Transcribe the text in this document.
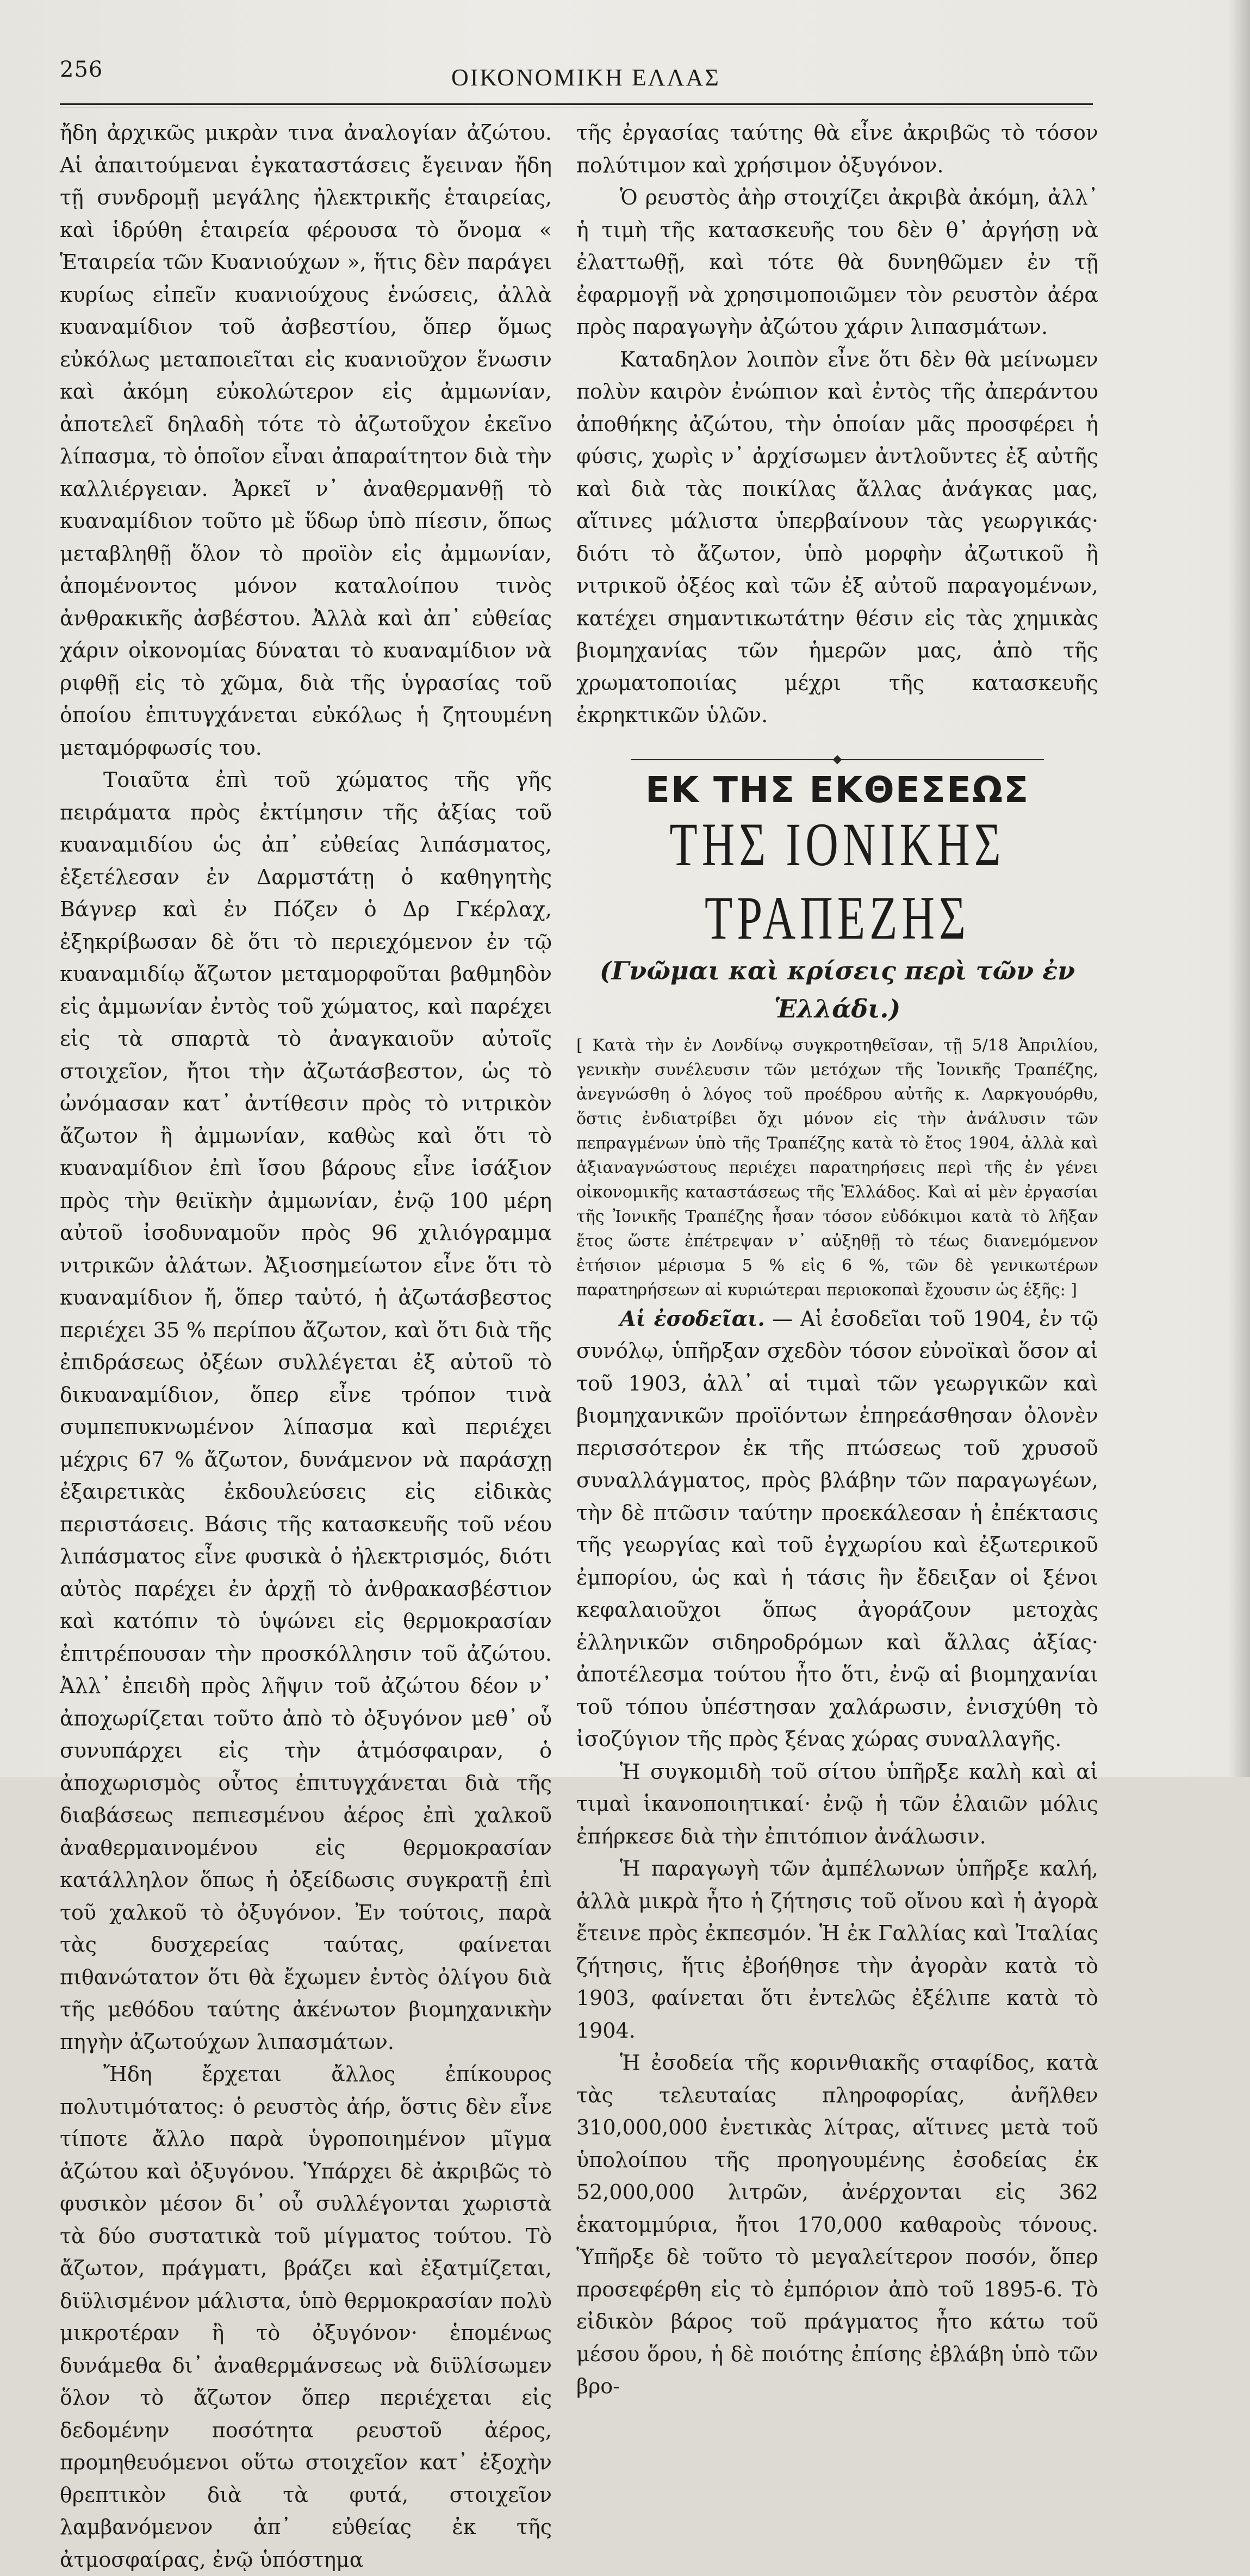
256	ΟΙΚΟΝΟΜΙΚΗ ΕΛΛΑΣ

ἤδη ἀρχικῶς μικρὰν τινα ἀναλογίαν ἀζώτου. Αἱ ἀπαιτούμεναι ἐγκαταστάσεις ἔγειναν ἤδη τῇ συνδρομῇ μεγάλης ἠλεκτρικῆς ἑταιρείας, καὶ ἱδρύθη ἑταιρεία φέρουσα τὸ ὄνομα « Ἑταιρεία τῶν Κυανιούχων », ἥτις δὲν παράγει κυρίως εἰπεῖν κυανιούχους ἑνώσεις, ἀλλὰ κυαναμίδιον τοῦ ἀσβεστίου, ὅπερ ὅμως εὐκόλως μεταποιεῖται εἰς κυανιοῦχον ἕνωσιν καὶ ἀκόμη εὐκολώτερον εἰς ἀμμωνίαν, ἀποτελεῖ δηλαδὴ τότε τὸ ἀζωτοῦχον ἐκεῖνο λίπασμα, τὸ ὁποῖον εἶναι ἀπαραίτητον διὰ τὴν καλλιέργειαν. Ἀρκεῖ ν᾽ ἀναθερμανθῇ τὸ κυαναμίδιον τοῦτο μὲ ὕδωρ ὑπὸ πίεσιν, ὅπως μεταβληθῇ ὅλον τὸ προϊὸν εἰς ἀμμωνίαν, ἀπομένοντος μόνον καταλοίπου τινὸς ἀνθρακικῆς ἀσβέστου. Ἀλλὰ καὶ ἀπ᾽ εὐθείας χάριν οἰκονομίας δύναται τὸ κυαναμίδιον νὰ ριφθῇ εἰς τὸ χῶμα, διὰ τῆς ὑγρασίας τοῦ ὁποίου ἐπιτυγχάνεται εὐκόλως ἡ ζητουμένη μεταμόρφωσίς του.

Τοιαῦτα ἐπὶ τοῦ χώματος τῆς γῆς πειράματα πρὸς ἐκτίμησιν τῆς ἀξίας τοῦ κυαναμιδίου ὡς ἀπ᾽ εὐθείας λιπάσματος, ἐξετέλεσαν ἐν Δαρμστάτῃ ὁ καθηγητὴς Βάγνερ καὶ ἐν Πόζεν ὁ Δρ Γκέρλαχ, ἐξηκρίβωσαν δὲ ὅτι τὸ περιεχόμενον ἐν τῷ κυαναμιδίῳ ἄζωτον μεταμορφοῦται βαθμηδὸν εἰς ἀμμωνίαν ἐντὸς τοῦ χώματος, καὶ παρέχει εἰς τὰ σπαρτὰ τὸ ἀναγκαιοῦν αὐτοῖς στοιχεῖον, ἤτοι τὴν ἀζωτάσβεστον, ὡς τὸ ὠνόμασαν κατ᾽ ἀντίθεσιν πρὸς τὸ νιτρικὸν ἄζωτον ἢ ἀμμωνίαν, καθὼς καὶ ὅτι τὸ κυαναμίδιον ἐπὶ ἴσου βάρους εἶνε ἰσάξιον πρὸς τὴν θειϊκὴν ἀμμωνίαν, ἐνῷ 100 μέρη αὐτοῦ ἰσοδυναμοῦν πρὸς 96 χιλιόγραμμα νιτρικῶν ἀλάτων. Ἀξιοσημείωτον εἶνε ὅτι τὸ κυαναμίδιον ἤ, ὅπερ ταὐτό, ἡ ἀζωτάσβεστος περιέχει 35 % περίπου ἄζωτον, καὶ ὅτι διὰ τῆς ἐπιδράσεως ὀξέων συλλέγεται ἐξ αὐτοῦ τὸ δικυαναμίδιον, ὅπερ εἶνε τρόπον τινὰ συμπεπυκνωμένον λίπασμα καὶ περιέχει μέχρις 67 % ἄζωτον, δυνάμενον νὰ παράσχῃ ἐξαιρετικὰς ἐκδουλεύσεις εἰς εἰδικὰς περιστάσεις. Βάσις τῆς κατασκευῆς τοῦ νέου λιπάσματος εἶνε φυσικὰ ὁ ἠλεκτρισμός, διότι αὐτὸς παρέχει ἐν ἀρχῇ τὸ ἀνθρακασβέστιον καὶ κατόπιν τὸ ὑψώνει εἰς θερμοκρασίαν ἐπιτρέπουσαν τὴν προσκόλλησιν τοῦ ἀζώτου. Ἀλλ᾽ ἐπειδὴ πρὸς λῆψιν τοῦ ἀζώτου δέον ν᾽ ἀποχωρίζεται τοῦτο ἀπὸ τὸ ὀξυγόνον μεθ᾽ οὗ συνυπάρχει εἰς τὴν ἀτμόσφαιραν, ὁ ἀποχωρισμὸς οὗτος ἐπιτυγχάνεται διὰ τῆς διαβάσεως πεπιεσμένου ἀέρος ἐπὶ χαλκοῦ ἀναθερμαινομένου εἰς θερμοκρασίαν κατάλληλον ὅπως ἡ ὀξείδωσις συγκρατῇ ἐπὶ τοῦ χαλκοῦ τὸ ὀξυγόνον. Ἐν τούτοις, παρὰ τὰς δυσχερείας ταύτας, φαίνεται πιθανώτατον ὅτι θὰ ἔχωμεν ἐντὸς ὀλίγου διὰ τῆς μεθόδου ταύτης ἀκένωτον βιομηχανικὴν πηγὴν ἀζωτούχων λιπασμάτων.

Ἤδη ἔρχεται ἄλλος ἐπίκουρος πολυτιμότατος: ὁ ρευστὸς ἀήρ, ὅστις δὲν εἶνε τίποτε ἄλλο παρὰ ὑγροποιημένον μῖγμα ἀζώτου καὶ ὀξυγόνου. Ὑπάρχει δὲ ἀκριβῶς τὸ φυσικὸν μέσον δι᾽ οὗ συλλέγονται χωριστὰ τὰ δύο συστατικὰ τοῦ μίγματος τούτου. Τὸ ἄζωτον, πράγματι, βράζει καὶ ἐξατμίζεται, διϋλισμένον μάλιστα, ὑπὸ θερμοκρασίαν πολὺ μικροτέραν ἢ τὸ ὀξυγόνον· ἑπομένως δυνάμεθα δι᾽ ἀναθερμάνσεως νὰ διϋλίσωμεν ὅλον τὸ ἄζωτον ὅπερ περιέχεται εἰς δεδομένην ποσότητα ρευστοῦ ἀέρος, προμηθευόμενοι οὕτω στοιχεῖον κατ᾽ ἐξοχὴν θρεπτικὸν διὰ τὰ φυτά, στοιχεῖον λαμβανόμενον ἀπ᾽ εὐθείας ἐκ τῆς ἀτμοσφαίρας, ἐνῷ ὑπόστημα

τῆς ἐργασίας ταύτης θὰ εἶνε ἀκριβῶς τὸ τόσον πολύτιμον καὶ χρήσιμον ὀξυγόνον.

Ὁ ρευστὸς ἀὴρ στοιχίζει ἀκριβὰ ἀκόμη, ἀλλ᾽ ἡ τιμὴ τῆς κατασκευῆς του δὲν θ᾽ ἀργήσῃ νὰ ἐλαττωθῇ, καὶ τότε θὰ δυνηθῶμεν ἐν τῇ ἐφαρμογῇ νὰ χρησιμοποιῶμεν τὸν ρευστὸν ἀέρα πρὸς παραγωγὴν ἀζώτου χάριν λιπασμάτων.

Καταδηλον λοιπὸν εἶνε ὅτι δὲν θὰ μείνωμεν πολὺν καιρὸν ἐνώπιον καὶ ἐντὸς τῆς ἀπεράντου ἀποθήκης ἀζώτου, τὴν ὁποίαν μᾶς προσφέρει ἡ φύσις, χωρὶς ν᾽ ἀρχίσωμεν ἀντλοῦντες ἐξ αὐτῆς καὶ διὰ τὰς ποικίλας ἄλλας ἀνάγκας μας, αἵτινες μάλιστα ὑπερβαίνουν τὰς γεωργικάς· διότι τὸ ἄζωτον, ὑπὸ μορφὴν ἀζωτικοῦ ἢ νιτρικοῦ ὀξέος καὶ τῶν ἐξ αὐτοῦ παραγομένων, κατέχει σημαντικωτάτην θέσιν εἰς τὰς χημικὰς βιομηχανίας τῶν ἡμερῶν μας, ἀπὸ τῆς χρωματοποιίας μέχρι τῆς κατασκευῆς ἐκρηκτικῶν ὑλῶν.

ΕΚ ΤΗΣ ΕΚΘΕΣΕΩΣ
ΤΗΣ ΙΟΝΙΚΗΣ ΤΡΑΠΕΖΗΣ
(Γνῶμαι καὶ κρίσεις περὶ τῶν ἐν Ἑλλάδι.)

[ Κατὰ τὴν ἐν Λονδίνῳ συγκροτηθεῖσαν, τῇ 5/18 Ἀπριλίου, γενικὴν συνέλευσιν τῶν μετόχων τῆς Ἰονικῆς Τραπέζης, ἀνεγνώσθη ὁ λόγος τοῦ προέδρου αὐτῆς κ. Λαρκγουόρθυ, ὅστις ἐνδιατρίβει ὄχι μόνον εἰς τὴν ἀνάλυσιν τῶν πεπραγμένων ὑπὸ τῆς Τραπέζης κατὰ τὸ ἔτος 1904, ἀλλὰ καὶ ἀξιαναγνώστους περιέχει παρατηρήσεις περὶ τῆς ἐν γένει οἰκονομικῆς καταστάσεως τῆς Ἑλλάδος. Καὶ αἱ μὲν ἐργασίαι τῆς Ἰονικῆς Τραπέζης ἦσαν τόσον εὐδόκιμοι κατὰ τὸ λῆξαν ἔτος ὥστε ἐπέτρεψαν ν᾽ αὐξηθῇ τὸ τέως διανεμόμενον ἐτήσιον μέρισμα 5 % εἰς 6 %, τῶν δὲ γενικωτέρων παρατηρήσεων αἱ κυριώτεραι περιοκοπαὶ ἔχουσιν ὡς ἑξῆς: ]

Αἱ ἐσοδεῖαι. — Αἱ ἐσοδεῖαι τοῦ 1904, ἐν τῷ συνόλῳ, ὑπῆρξαν σχεδὸν τόσον εὐνοϊκαὶ ὅσον αἱ τοῦ 1903, ἀλλ᾽ αἱ τιμαὶ τῶν γεωργικῶν καὶ βιομηχανικῶν προϊόντων ἐπηρεάσθησαν ὀλονὲν περισσότερον ἐκ τῆς πτώσεως τοῦ χρυσοῦ συναλλάγματος, πρὸς βλάβην τῶν παραγωγέων, τὴν δὲ πτῶσιν ταύτην προεκάλεσαν ἡ ἐπέκτασις τῆς γεωργίας καὶ τοῦ ἐγχωρίου καὶ ἐξωτερικοῦ ἐμπορίου, ὡς καὶ ἡ τάσις ἣν ἔδειξαν οἱ ξένοι κεφαλαιοῦχοι ὅπως ἀγοράζουν μετοχὰς ἑλληνικῶν σιδηροδρόμων καὶ ἄλλας ἀξίας· ἀποτέλεσμα τούτου ἦτο ὅτι, ἐνῷ αἱ βιομηχανίαι τοῦ τόπου ὑπέστησαν χαλάρωσιν, ἐνισχύθη τὸ ἰσοζύγιον τῆς πρὸς ξένας χώρας συναλλαγῆς.

Ἡ συγκομιδὴ τοῦ σίτου ὑπῆρξε καλὴ καὶ αἱ τιμαὶ ἱκανοποιητικαί· ἐνῷ ἡ τῶν ἐλαιῶν μόλις ἐπήρκεσε διὰ τὴν ἐπιτόπιον ἀνάλωσιν.

Ἡ παραγωγὴ τῶν ἀμπέλωνων ὑπῆρξε καλή, ἀλλὰ μικρὰ ἦτο ἡ ζήτησις τοῦ οἴνου καὶ ἡ ἀγορὰ ἔτεινε πρὸς ἐκπεσμόν. Ἡ ἐκ Γαλλίας καὶ Ἰταλίας ζήτησις, ἥτις ἐβοήθησε τὴν ἀγορὰν κατὰ τὸ 1903, φαίνεται ὅτι ἐντελῶς ἐξέλιπε κατὰ τὸ 1904.

Ἡ ἐσοδεία τῆς κορινθιακῆς σταφίδος, κατὰ τὰς τελευταίας πληροφορίας, ἀνῆλθεν 310,000,000 ἐνετικὰς λίτρας, αἵτινες μετὰ τοῦ ὑπολοίπου τῆς προηγουμένης ἐσοδείας ἐκ 52,000,000 λιτρῶν, ἀνέρχονται εἰς 362 ἑκατομμύρια, ἤτοι 170,000 καθαροὺς τόνους. Ὑπῆρξε δὲ τοῦτο τὸ μεγαλείτερον ποσόν, ὅπερ προσεφέρθη εἰς τὸ ἐμπόριον ἀπὸ τοῦ 1895-6. Τὸ εἰδικὸν βάρος τοῦ πράγματος ἦτο κάτω τοῦ μέσου ὅρου, ἡ δὲ ποιότης ἐπίσης ἐβλάβη ὑπὸ τῶν βρο-
